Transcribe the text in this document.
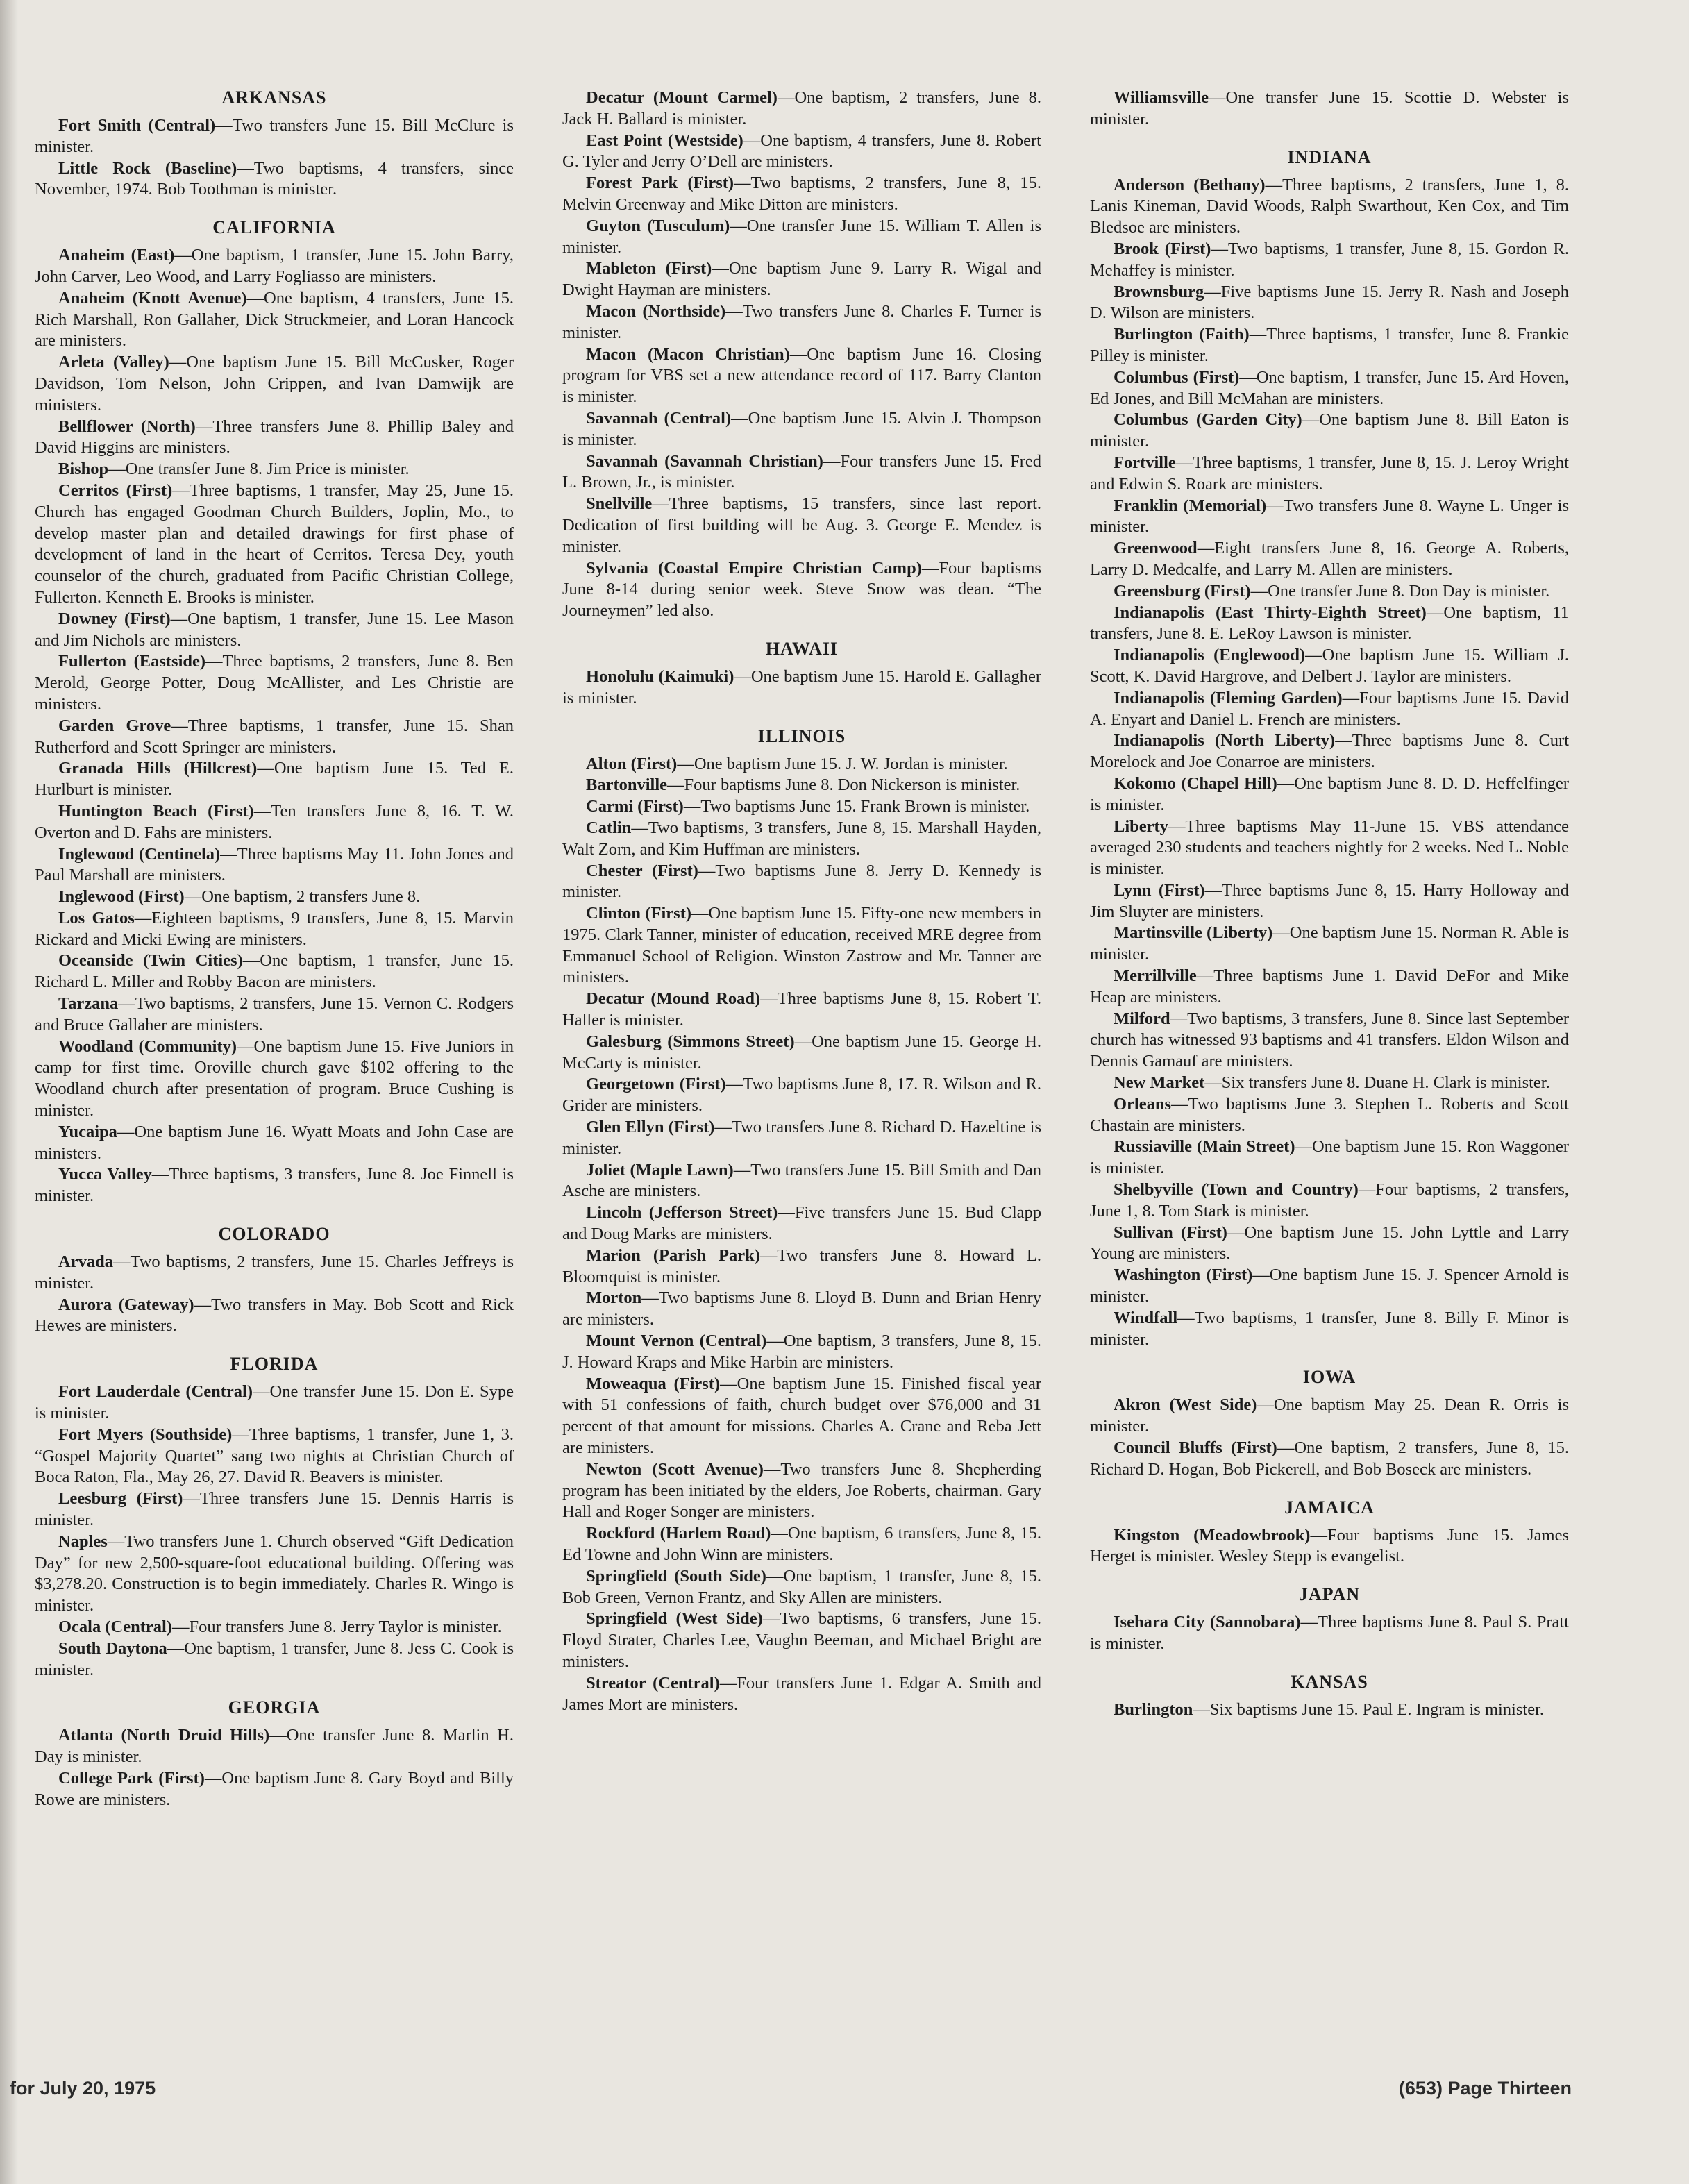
ARKANSAS

Fort Smith (Central)—Two transfers June 15. Bill McClure is minister.

Little Rock (Baseline)—Two baptisms, 4 transfers, since November, 1974. Bob Toothman is minister.

CALIFORNIA

Anaheim (East)—One baptism, 1 transfer, June 15. John Barry, John Carver, Leo Wood, and Larry Fogliasso are ministers.

Anaheim (Knott Avenue)—One baptism, 4 transfers, June 15. Rich Marshall, Ron Gallaher, Dick Struckmeier, and Loran Hancock are ministers.

Arleta (Valley)—One baptism June 15. Bill McCusker, Roger Davidson, Tom Nelson, John Crippen, and Ivan Damwijk are ministers.

Bellflower (North)—Three transfers June 8. Phillip Baley and David Higgins are ministers.

Bishop—One transfer June 8. Jim Price is minister.

Cerritos (First)—Three baptisms, 1 transfer, May 25, June 15. Church has engaged Goodman Church Builders, Joplin, Mo., to develop master plan and detailed drawings for first phase of development of land in the heart of Cerritos. Teresa Dey, youth counselor of the church, graduated from Pacific Christian College, Fullerton. Kenneth E. Brooks is minister.

Downey (First)—One baptism, 1 transfer, June 15. Lee Mason and Jim Nichols are ministers.

Fullerton (Eastside)—Three baptisms, 2 transfers, June 8. Ben Merold, George Potter, Doug McAllister, and Les Christie are ministers.

Garden Grove—Three baptisms, 1 transfer, June 15. Shan Rutherford and Scott Springer are ministers.

Granada Hills (Hillcrest)—One baptism June 15. Ted E. Hurlburt is minister.

Huntington Beach (First)—Ten transfers June 8, 16. T. W. Overton and D. Fahs are ministers.

Inglewood (Centinela)—Three baptisms May 11. John Jones and Paul Marshall are ministers.

Inglewood (First)—One baptism, 2 transfers June 8.

Los Gatos—Eighteen baptisms, 9 transfers, June 8, 15. Marvin Rickard and Micki Ewing are ministers.

Oceanside (Twin Cities)—One baptism, 1 transfer, June 15. Richard L. Miller and Robby Bacon are ministers.

Tarzana—Two baptisms, 2 transfers, June 15. Vernon C. Rodgers and Bruce Gallaher are ministers.

Woodland (Community)—One baptism June 15. Five Juniors in camp for first time. Oroville church gave $102 offering to the Woodland church after presentation of program. Bruce Cushing is minister.

Yucaipa—One baptism June 16. Wyatt Moats and John Case are ministers.

Yucca Valley—Three baptisms, 3 transfers, June 8. Joe Finnell is minister.

COLORADO

Arvada—Two baptisms, 2 transfers, June 15. Charles Jeffreys is minister.

Aurora (Gateway)—Two transfers in May. Bob Scott and Rick Hewes are ministers.

FLORIDA

Fort Lauderdale (Central)—One transfer June 15. Don E. Sype is minister.

Fort Myers (Southside)—Three baptisms, 1 transfer, June 1, 3. “Gospel Majority Quartet” sang two nights at Christian Church of Boca Raton, Fla., May 26, 27. David R. Beavers is minister.

Leesburg (First)—Three transfers June 15. Dennis Harris is minister.

Naples—Two transfers June 1. Church observed “Gift Dedication Day” for new 2,500-square-foot educational building. Offering was $3,278.20. Construction is to begin immediately. Charles R. Wingo is minister.

Ocala (Central)—Four transfers June 8. Jerry Taylor is minister.

South Daytona—One baptism, 1 transfer, June 8. Jess C. Cook is minister.

GEORGIA

Atlanta (North Druid Hills)—One transfer June 8. Marlin H. Day is minister.

College Park (First)—One baptism June 8. Gary Boyd and Billy Rowe are ministers.

Decatur (Mount Carmel)—One baptism, 2 transfers, June 8. Jack H. Ballard is minister.

East Point (Westside)—One baptism, 4 transfers, June 8. Robert G. Tyler and Jerry O’Dell are ministers.

Forest Park (First)—Two baptisms, 2 transfers, June 8, 15. Melvin Greenway and Mike Ditton are ministers.

Guyton (Tusculum)—One transfer June 15. William T. Allen is minister.

Mableton (First)—One baptism June 9. Larry R. Wigal and Dwight Hayman are ministers.

Macon (Northside)—Two transfers June 8. Charles F. Turner is minister.

Macon (Macon Christian)—One baptism June 16. Closing program for VBS set a new attendance record of 117. Barry Clanton is minister.

Savannah (Central)—One baptism June 15. Alvin J. Thompson is minister.

Savannah (Savannah Christian)—Four transfers June 15. Fred L. Brown, Jr., is minister.

Snellville—Three baptisms, 15 transfers, since last report. Dedication of first building will be Aug. 3. George E. Mendez is minister.

Sylvania (Coastal Empire Christian Camp)—Four baptisms June 8-14 during senior week. Steve Snow was dean. “The Journeymen” led also.

HAWAII

Honolulu (Kaimuki)—One baptism June 15. Harold E. Gallagher is minister.

ILLINOIS

Alton (First)—One baptism June 15. J. W. Jordan is minister.

Bartonville—Four baptisms June 8. Don Nickerson is minister.

Carmi (First)—Two baptisms June 15. Frank Brown is minister.

Catlin—Two baptisms, 3 transfers, June 8, 15. Marshall Hayden, Walt Zorn, and Kim Huffman are ministers.

Chester (First)—Two baptisms June 8. Jerry D. Kennedy is minister.

Clinton (First)—One baptism June 15. Fifty-one new members in 1975. Clark Tanner, minister of education, received MRE degree from Emmanuel School of Religion. Winston Zastrow and Mr. Tanner are ministers.

Decatur (Mound Road)—Three baptisms June 8, 15. Robert T. Haller is minister.

Galesburg (Simmons Street)—One baptism June 15. George H. McCarty is minister.

Georgetown (First)—Two baptisms June 8, 17. R. Wilson and R. Grider are ministers.

Glen Ellyn (First)—Two transfers June 8. Richard D. Hazeltine is minister.

Joliet (Maple Lawn)—Two transfers June 15. Bill Smith and Dan Asche are ministers.

Lincoln (Jefferson Street)—Five transfers June 15. Bud Clapp and Doug Marks are ministers.

Marion (Parish Park)—Two transfers June 8. Howard L. Bloomquist is minister.

Morton—Two baptisms June 8. Lloyd B. Dunn and Brian Henry are ministers.

Mount Vernon (Central)—One baptism, 3 transfers, June 8, 15. J. Howard Kraps and Mike Harbin are ministers.

Moweaqua (First)—One baptism June 15. Finished fiscal year with 51 confessions of faith, church budget over $76,000 and 31 percent of that amount for missions. Charles A. Crane and Reba Jett are ministers.

Newton (Scott Avenue)—Two transfers June 8. Shepherding program has been initiated by the elders, Joe Roberts, chairman. Gary Hall and Roger Songer are ministers.

Rockford (Harlem Road)—One baptism, 6 transfers, June 8, 15. Ed Towne and John Winn are ministers.

Springfield (South Side)—One baptism, 1 transfer, June 8, 15. Bob Green, Vernon Frantz, and Sky Allen are ministers.

Springfield (West Side)—Two baptisms, 6 transfers, June 15. Floyd Strater, Charles Lee, Vaughn Beeman, and Michael Bright are ministers.

Streator (Central)—Four transfers June 1. Edgar A. Smith and James Mort are ministers.

Williamsville—One transfer June 15. Scottie D. Webster is minister.

INDIANA

Anderson (Bethany)—Three baptisms, 2 transfers, June 1, 8. Lanis Kineman, David Woods, Ralph Swarthout, Ken Cox, and Tim Bledsoe are ministers.

Brook (First)—Two baptisms, 1 transfer, June 8, 15. Gordon R. Mehaffey is minister.

Brownsburg—Five baptisms June 15. Jerry R. Nash and Joseph D. Wilson are ministers.

Burlington (Faith)—Three baptisms, 1 transfer, June 8. Frankie Pilley is minister.

Columbus (First)—One baptism, 1 transfer, June 15. Ard Hoven, Ed Jones, and Bill McMahan are ministers.

Columbus (Garden City)—One baptism June 8. Bill Eaton is minister.

Fortville—Three baptisms, 1 transfer, June 8, 15. J. Leroy Wright and Edwin S. Roark are ministers.

Franklin (Memorial)—Two transfers June 8. Wayne L. Unger is minister.

Greenwood—Eight transfers June 8, 16. George A. Roberts, Larry D. Medcalfe, and Larry M. Allen are ministers.

Greensburg (First)—One transfer June 8. Don Day is minister.

Indianapolis (East Thirty-Eighth Street)—One baptism, 11 transfers, June 8. E. LeRoy Lawson is minister.

Indianapolis (Englewood)—One baptism June 15. William J. Scott, K. David Hargrove, and Delbert J. Taylor are ministers.

Indianapolis (Fleming Garden)—Four baptisms June 15. David A. Enyart and Daniel L. French are ministers.

Indianapolis (North Liberty)—Three baptisms June 8. Curt Morelock and Joe Conarroe are ministers.

Kokomo (Chapel Hill)—One baptism June 8. D. D. Heffelfinger is minister.

Liberty—Three baptisms May 11-June 15. VBS attendance averaged 230 students and teachers nightly for 2 weeks. Ned L. Noble is minister.

Lynn (First)—Three baptisms June 8, 15. Harry Holloway and Jim Sluyter are ministers.

Martinsville (Liberty)—One baptism June 15. Norman R. Able is minister.

Merrillville—Three baptisms June 1. David DeFor and Mike Heap are ministers.

Milford—Two baptisms, 3 transfers, June 8. Since last September church has witnessed 93 baptisms and 41 transfers. Eldon Wilson and Dennis Gamauf are ministers.

New Market—Six transfers June 8. Duane H. Clark is minister.

Orleans—Two baptisms June 3. Stephen L. Roberts and Scott Chastain are ministers.

Russiaville (Main Street)—One baptism June 15. Ron Waggoner is minister.

Shelbyville (Town and Country)—Four baptisms, 2 transfers, June 1, 8. Tom Stark is minister.

Sullivan (First)—One baptism June 15. John Lyttle and Larry Young are ministers.

Washington (First)—One baptism June 15. J. Spencer Arnold is minister.

Windfall—Two baptisms, 1 transfer, June 8. Billy F. Minor is minister.

IOWA

Akron (West Side)—One baptism May 25. Dean R. Orris is minister.

Council Bluffs (First)—One baptism, 2 transfers, June 8, 15. Richard D. Hogan, Bob Pickerell, and Bob Boseck are ministers.

JAMAICA

Kingston (Meadowbrook)—Four baptisms June 15. James Herget is minister. Wesley Stepp is evangelist.

JAPAN

Isehara City (Sannobara)—Three baptisms June 8. Paul S. Pratt is minister.

KANSAS

Burlington—Six baptisms June 15. Paul E. Ingram is minister.

for July 20, 1975	(653) Page Thirteen
